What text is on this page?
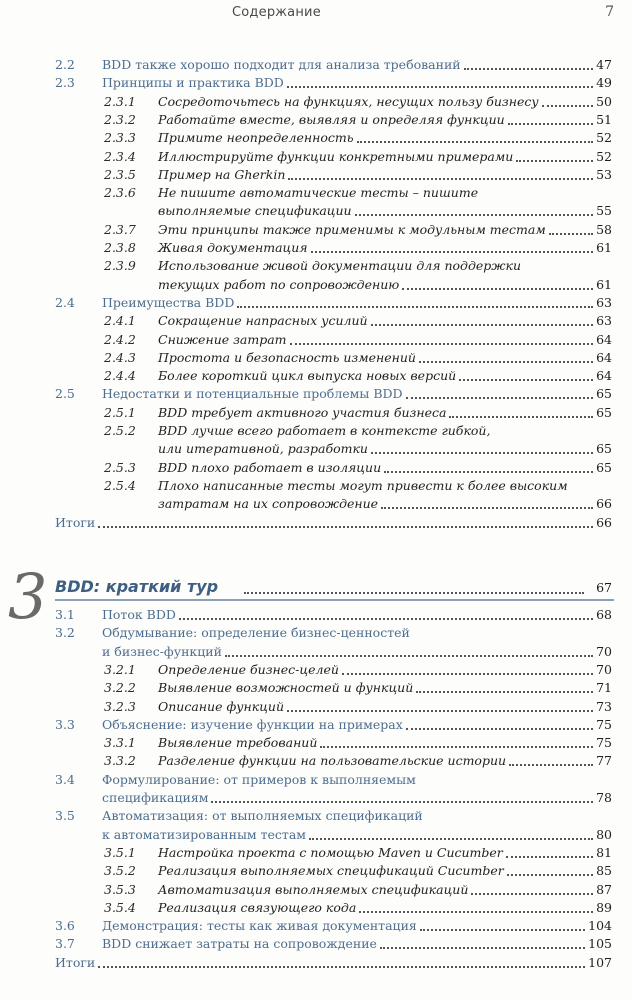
Содержание	7
2.2 BDD также хорошо подходит для анализа требований	47
2.3 Принципы и практика BDD	49
2.3.1 Сосредоточьтесь на функциях, несущих пользу бизнесу	50
2.3.2 Работайте вместе, выявляя и определяя функции	51
2.3.3 Примите неопределенность	52
2.3.4 Иллюстрируйте функции конкретными примерами	52
2.3.5 Пример на Gherkin	53
2.3.6 Не пишите автоматические тесты – пишите
выполняемые спецификации	55
2.3.7 Эти принципы также применимы к модульным тестам	58
2.3.8 Живая документация	61
2.3.9 Использование живой документации для поддержки
текущих работ по сопровождению	61
2.4 Преимущества BDD	63
2.4.1 Сокращение напрасных усилий	63
2.4.2 Снижение затрат	64
2.4.3 Простота и безопасность изменений	64
2.4.4 Более короткий цикл выпуска новых версий	64
2.5 Недостатки и потенциальные проблемы BDD	65
2.5.1 BDD требует активного участия бизнеса	65
2.5.2 BDD лучше всего работает в контексте гибкой,
или итеративной, разработки	65
2.5.3 BDD плохо работает в изоляции	65
2.5.4 Плохо написанные тесты могут привести к более высоким
затратам на их сопровождение	66
Итоги	66
3 BDD: краткий тур	67
3.1 Поток BDD	68
3.2 Обдумывание: определение бизнес-ценностей
и бизнес-функций	70
3.2.1 Определение бизнес-целей	70
3.2.2 Выявление возможностей и функций	71
3.2.3 Описание функций	73
3.3 Объяснение: изучение функции на примерах	75
3.3.1 Выявление требований	75
3.3.2 Разделение функции на пользовательские истории	77
3.4 Формулирование: от примеров к выполняемым
спецификациям	78
3.5 Автоматизация: от выполняемых спецификаций
к автоматизированным тестам	80
3.5.1 Настройка проекта с помощью Maven и Cucumber	81
3.5.2 Реализация выполняемых спецификаций Cucumber	85
3.5.3 Автоматизация выполняемых спецификаций	87
3.5.4 Реализация связующего кода	89
3.6 Демонстрация: тесты как живая документация	104
3.7 BDD снижает затраты на сопровождение	105
Итоги	107
